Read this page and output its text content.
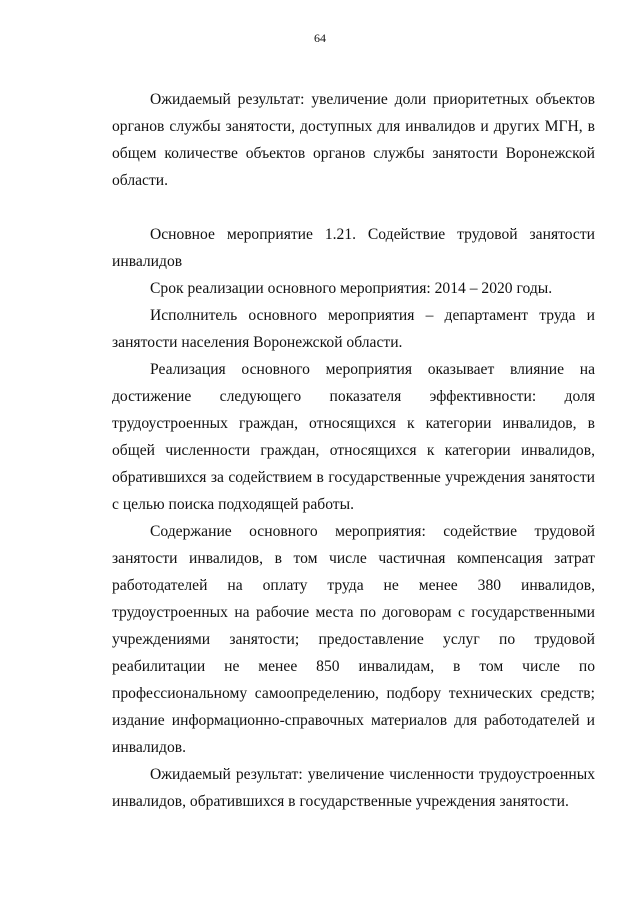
64

Ожидаемый результат: увеличение доли приоритетных объектов органов службы занятости, доступных для инвалидов и других МГН, в общем количестве объектов органов службы занятости Воронежской области.

Основное мероприятие 1.21. Содействие трудовой занятости инвалидов

Срок реализации основного мероприятия: 2014 – 2020 годы.

Исполнитель основного мероприятия – департамент труда и занятости населения Воронежской области.

Реализация основного мероприятия оказывает влияние на достижение следующего показателя эффективности: доля трудоустроенных граждан, относящихся к категории инвалидов, в общей численности граждан, относящихся к категории инвалидов, обратившихся за содействием в государственные учреждения занятости с целью поиска подходящей работы.

Содержание основного мероприятия: содействие трудовой занятости инвалидов, в том числе частичная компенсация затрат работодателей на оплату труда не менее 380 инвалидов, трудоустроенных на рабочие места по договорам с государственными учреждениями занятости; предоставление услуг по трудовой реабилитации не менее 850 инвалидам, в том числе по профессиональному самоопределению, подбору технических средств; издание информационно-справочных материалов для работодателей и инвалидов.

Ожидаемый результат: увеличение численности трудоустроенных инвалидов, обратившихся в государственные учреждения занятости.
